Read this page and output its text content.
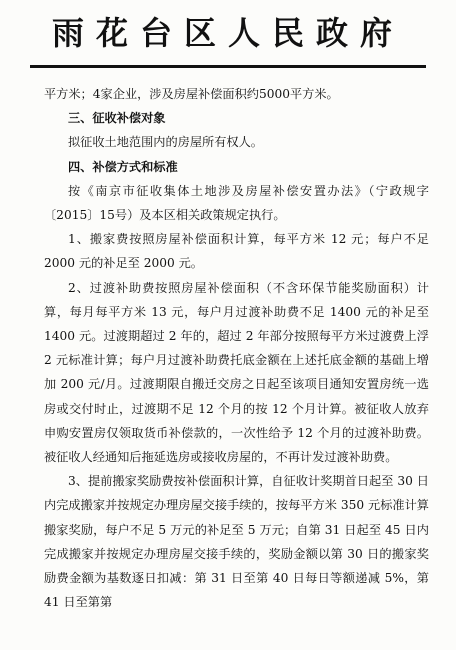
雨花台区人民政府

平方米；4家企业，涉及房屋补偿面积约5000平方米。

三、征收补偿对象

拟征收土地范围内的房屋所有权人。

四、补偿方式和标准

按《南京市征收集体土地涉及房屋补偿安置办法》（宁政规字〔2015〕15号）及本区相关政策规定执行。

1、搬家费按照房屋补偿面积计算，每平方米 12 元；每户不足 2000 元的补足至 2000 元。

2、过渡补助费按照房屋补偿面积（不含环保节能奖励面积）计算，每月每平方米 13 元，每户月过渡补助费不足 1400 元的补足至 1400 元。过渡期超过 2 年的，超过 2 年部分按照每平方米过渡费上浮 2 元标准计算；每户月过渡补助费托底金额在上述托底金额的基础上增加 200 元/月。过渡期限自搬迁交房之日起至该项目通知安置房统一选房或交付时止，过渡期不足 12 个月的按 12 个月计算。被征收人放弃申购安置房仅领取货币补偿款的，一次性给予 12 个月的过渡补助费。被征收人经通知后拖延选房或接收房屋的，不再计发过渡补助费。

3、提前搬家奖励费按补偿面积计算，自征收计奖期首日起至 30 日内完成搬家并按规定办理房屋交接手续的，按每平方米 350 元标准计算搬家奖励，每户不足 5 万元的补足至 5 万元；自第 31 日起至 45 日内完成搬家并按规定办理房屋交接手续的，奖励金额以第 30 日的搬家奖励费金额为基数逐日扣减：第 31 日至第 40 日每日等额递减 5%，第 41 日至第第
